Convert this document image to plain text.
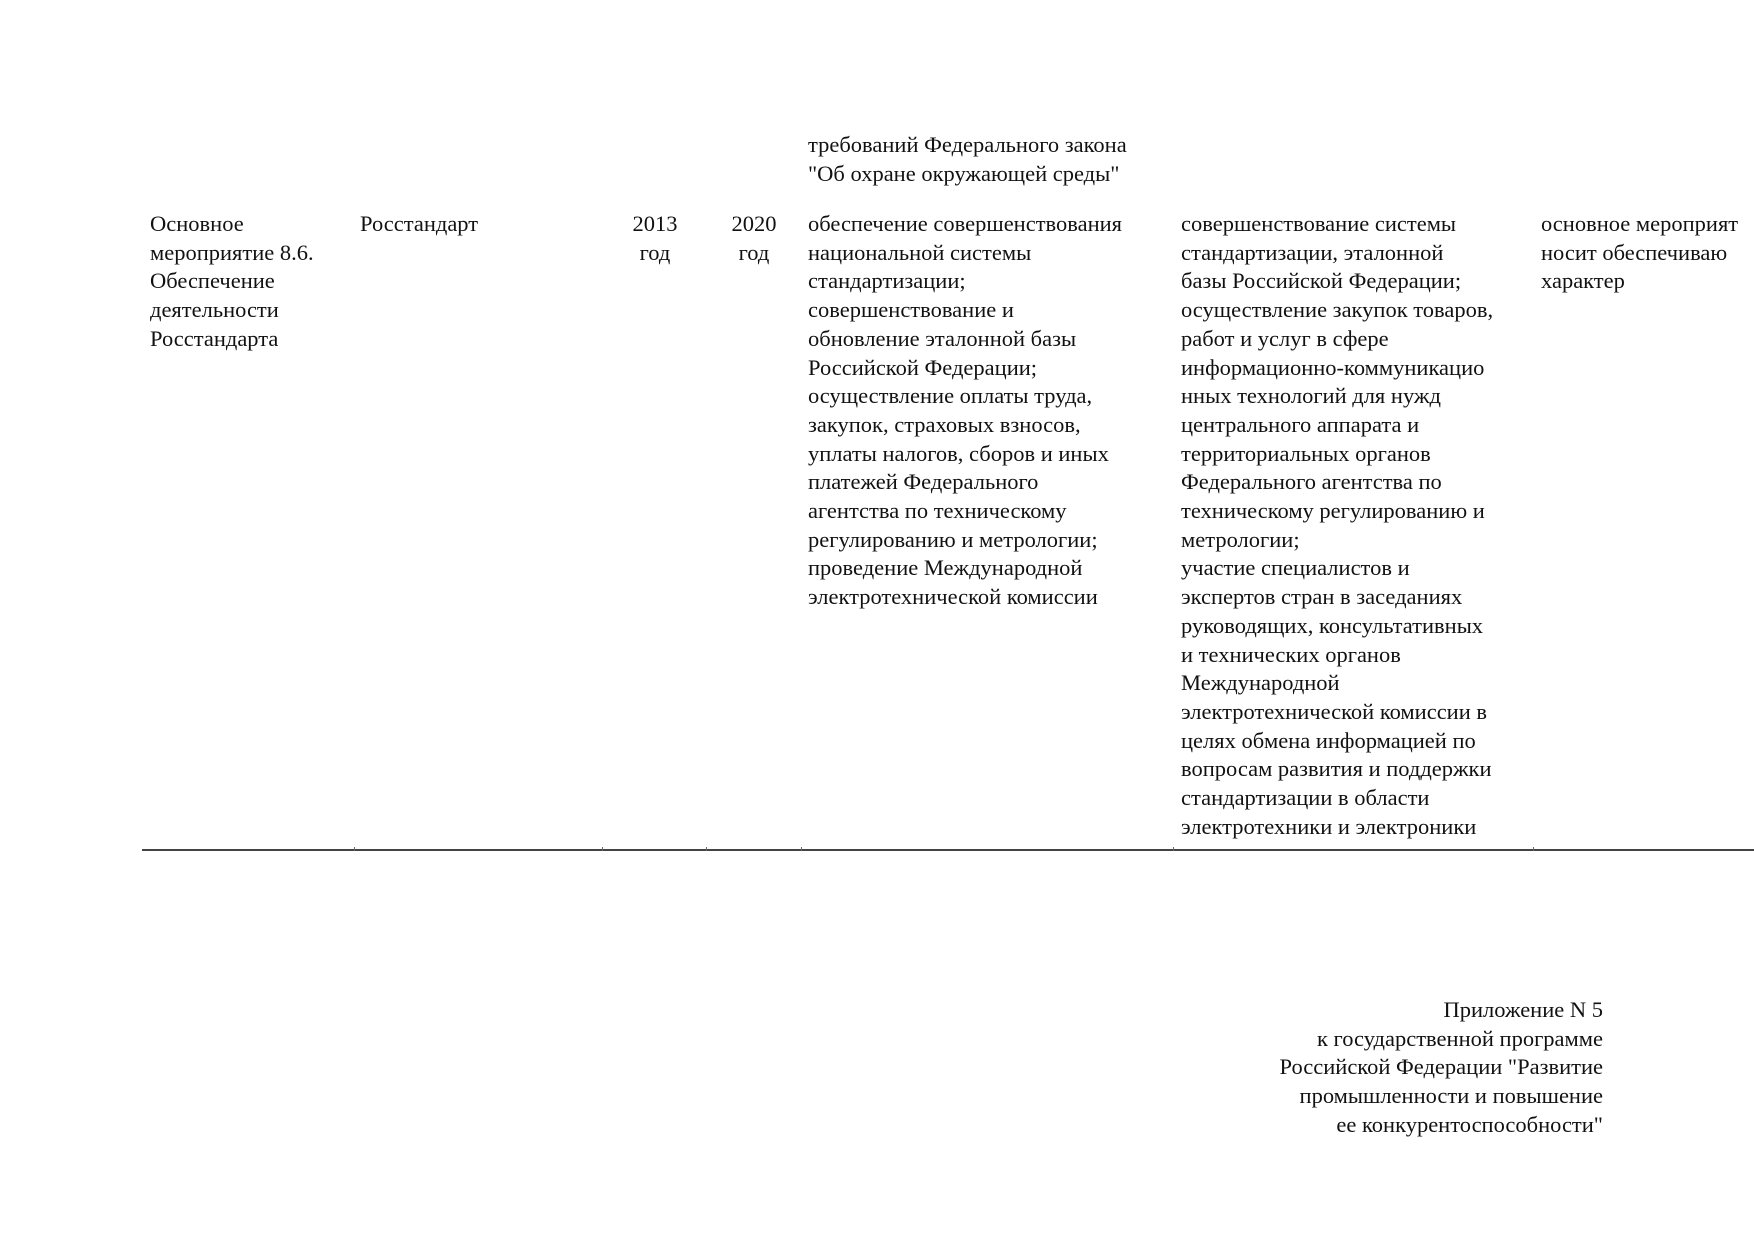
требований Федерального закона
"Об охране окружающей среды"
Основное
мероприятие 8.6.
Обеспечение
деятельности
Росстандарта
Росстандарт	2013
год
2020
год
обеспечение совершенствования
национальной системы
стандартизации;
совершенствование и
обновление эталонной базы
Российской Федерации;
осуществление оплаты труда,
закупок, страховых взносов,
уплаты налогов, сборов и иных
платежей Федерального
агентства по техническому
регулированию и метрологии;
проведение Международной
электротехнической комиссии
совершенствование системы
стандартизации, эталонной
базы Российской Федерации;
осуществление закупок товаров,
работ и услуг в сфере
информационно-коммуникацио
нных технологий для нужд
центрального аппарата и
территориальных органов
Федерального агентства по
техническому регулированию и
метрологии;
участие специалистов и
экспертов стран в заседаниях
руководящих, консультативных
и технических органов
Международной
электротехнической комиссии в
целях обмена информацией по
вопросам развития и поддержки
стандартизации в области
электротехники и электроники
основное мероприят
носит обеспечиваю
характер
Приложение N 5
к государственной программе
Российской Федерации "Развитие
промышленности и повышение
ее конкурентоспособности"
